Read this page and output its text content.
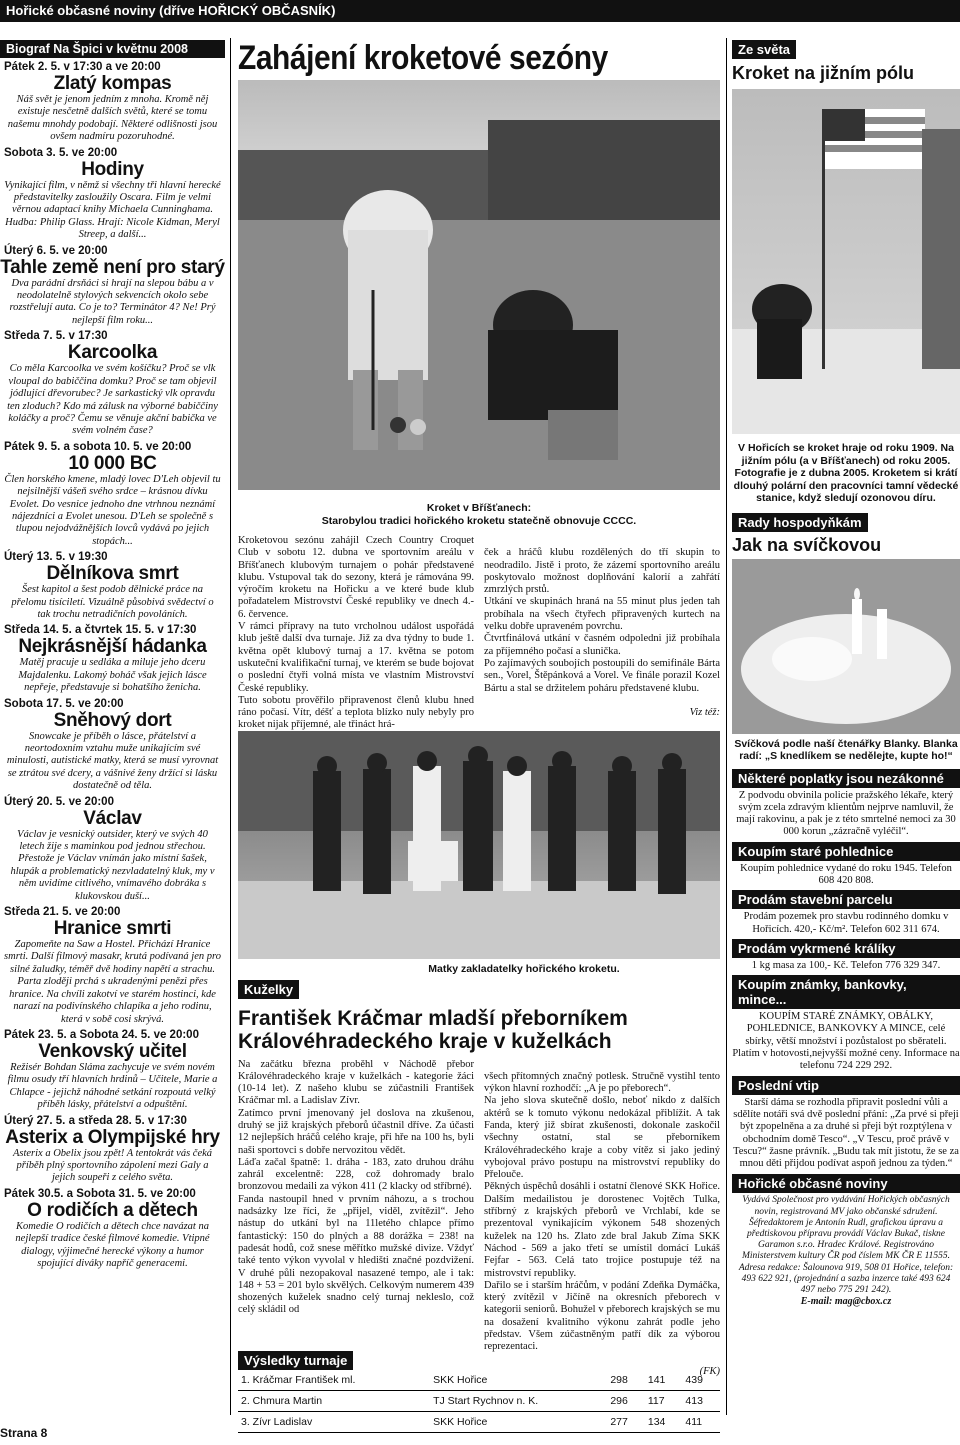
Hořické občasné noviny (dříve HOŘICKÝ OBČASNÍK)
Biograf Na Špici v květnu 2008
Pátek 2. 5. v 17:30 a ve 20:00
Zlatý kompas
Náš svět je jenom jedním z mnoha. Kromě něj existuje nesčetně dalších světů, které se tomu našemu mnohdy podobají. Některé odlišnosti jsou ovšem nadmíru pozoruhodné.
Sobota 3. 5. ve 20:00
Hodiny
Vynikající film, v němž si všechny tři hlavní herecké představitelky zasloužily Oscara. Film je velmi věrnou adaptací knihy Michaela Cunninghama. Hudba: Philip Glass. Hrají: Nicole Kidman, Meryl Streep, a další...
Úterý 6. 5. ve 20:00
Tahle země není pro starý
Dva parádní drsňáci si hrají na slepou bábu a v neodolatelně stylových sekvencích okolo sebe rozstřelují auta. Co je to? Terminátor 4? Ne! Prý nejlepší film roku...
Středa 7. 5. v 17:30
Karcoolka
Co měla Karcoolka ve svém košíčku? Proč se vlk vloupal do babiččina domku? Proč se tam objevil jódlující dřevorubec? Je sarkastický vlk opravdu ten zloduch? Kdo má zálusk na výborné babiččiny koláčky a proč? Čemu se věnuje akční babička ve svém volném čase?
Pátek 9. 5. a sobota 10. 5. ve 20:00
10 000 BC
Člen horského kmene, mladý lovec D'Leh objevil tu nejsilnější vášeň svého srdce – krásnou dívku Evolet. Do vesnice jednoho dne vtrhnou neznámí nájezdníci a Evolet unesou. D'Leh se společně s tlupou nejodvážnějších lovců vydává po jejich stopách...
Úterý 13. 5. v 19:30
Dělníkova smrt
Šest kapitol a šest podob dělnické práce na přelomu tisíciletí. Vizuálně působivá svědectví o tak trochu netradičních povoláních.
Středa 14. 5. a čtvrtek 15. 5. v 17:30
Nejkrásnější hádanka
Matěj pracuje u sedláka a miluje jeho dceru Majdalenku. Lakomý boháč však jejich lásce nepřeje, představuje si bohatšího ženicha.
Sobota 17. 5. ve 20:00
Sněhový dort
Snowcake je příběh o lásce, přátelství a neortodoxním vztahu muže unikajícím své minulosti, autistické matky, která se musí vyrovnat se ztrátou své dcery, a vášnivé ženy držící si lásku dostatečně od těla.
Úterý 20. 5. ve 20:00
Václav
Václav je vesnický outsider, který ve svých 40 letech žije s maminkou pod jednou střechou. Přestože je Václav vnímán jako místní šašek, hlupák a problematický nezvladatelný kluk, my v něm uvidíme citlivého, vnímavého dobráka s klukovskou duší...
Středa 21. 5. ve 20:00
Hranice smrti
Zapomeňte na Saw a Hostel. Přichází Hranice smrti. Další filmový masakr, krutá podívaná jen pro silné žaludky, téměř dvě hodiny napětí a strachu. Parta zloději prchá s ukradenými penězi přes hranice. Na chvíli zakotví ve starém hostinci, kde narazí na podivínského chlapíka a jeho rodinu, která v sobě cosi skrývá.
Pátek 23. 5. a Sobota 24. 5. ve 20:00
Venkovský učitel
Režisér Bohdan Sláma zachycuje ve svém novém filmu osudy tří hlavních hrdinů – Učitele, Marie a Chlapce - jejichž náhodné setkání rozpoutá velký příběh lásky, přátelství a odpuštění.
Úterý 27. 5. a středa 28. 5. v 17:30
Asterix a Olympijské hry
Asterix a Obelix jsou zpět! A tentokrát vás čeká příběh plný sportovního zápolení mezi Galy a jejich soupeři z celého světa.
Pátek 30.5. a Sobota 31. 5. ve 20:00
O rodičích a dětech
Komedie O rodičích a dětech chce navázat na nejlepší tradice české filmové komedie. Vtipné dialogy, výjimečné herecké výkony a humor spojující diváky napříč generacemi.
Zahájení kroketové sezóny
Kroket v Bříšťanech:
Starobylou tradici hořického kroketu statečně obnovuje CCCC.
Kroketovou sezónu zahájil Czech Country Croquet Club v sobotu 12. dubna ve sportovním areálu v Bříšťanech klubovým turnajem o pohár představené klubu. Vstupoval tak do sezony, která je rámována 99. výročím kroketu na Hořicku a ve které bude klub pořadatelem Mistrovství České republiky ve dnech 4.- 6. července.
V rámci přípravy na tuto vrcholnou událost uspořádá klub ještě další dva turnaje. Již za dva týdny to bude 1. května opět klubový turnaj a 17. května se potom uskuteční kvalifikační turnaj, ve kterém se bude bojovat o poslední čtyři volná místa ve vlastním Mistrovství České republiky.
Tuto sobotu prověřilo připravenost členů klubu hned ráno počasí. Vítr, déšť a teplota blízko nuly nebyly pro kroket nijak příjemné, ale třináct hrá-

ček a hráčů klubu rozdělených do tří skupin to neodradilo. Jistě i proto, že zázemí sportovního areálu poskytovalo možnost doplňování kalorií a zahřátí zmrzlých prstů.
Utkání ve skupinách hraná na 55 minut plus jeden tah probíhala na všech čtyřech připravených kurtech na velku dobře upraveném povrchu.
Čtvrtfinálová utkání v časném odpoledni již probíhala za příjemného počasí a slunička.
Po zajímavých soubojích postoupili do semifinále Bárta sen., Vorel, Štěpánková a Vorel. Ve finále porazil Kozel Bártu a stal se držitelem poháru představené klubu.

Viz též:

Matky zakladatelky hořického kroketu.
Kuželky
František Kráčmar mladší přeborníkem Královéhradeckého kraje v kuželkách
Na začátku března proběhl v Náchodě přebor Královéhradeckého kraje v kuželkách - kategorie žáci (10-14 let). Z našeho klubu se zúčastnili František Kráčmar ml. a Ladislav Zívr.
Zatímco první jmenovaný jel doslova na zkušenou, druhý se již krajských přeborů účastnil dříve. Za účasti 12 nejlepších hráčů celého kraje, při hře na 100 hs, byli naši sportovci s dobře nervozitou vědět.
Láďa začal špatně: 1. dráha - 183, zato druhou dráhu zahrál excelentně: 228, což dohromady bralo bronzovou medaili za výkon 411 (2 klacky od stříbrné).
Fanda nastoupil hned v prvním náhozu, a s trochou nadsázky lze říci, že „přijel, viděl, zvítězil“. Jeho nástup do utkání byl na 11letého chlapce přímo fantastický: 150 do plných a 88 dorážka = 238! na padesát hodů, což snese měřítko mužské divize. Vždyť také tento výkon vyvolal v hledišti značné pozdvižení. V druhé půli nezopakoval nasazené tempo, ale i tak: 148 + 53 = 201 bylo skvělých. Celkovým numerem 439 shozených kuželek snadno celý turnaj nekleslo, což celý skládil od

všech přítomných značný potlesk. Stručně vystihl tento výkon hlavní rozhodčí: „A je po přeborech“.
Na jeho slova skutečně došlo, neboť nikdo z dalších aktérů se k tomuto výkonu nedokázal přiblížit. A tak Fanda, který již sbírat zkušenosti, dokonale zaskočil všechny ostatní, stal se přeborníkem Královéhradeckého kraje a coby vítěz si jako jediný vybojoval právo postupu na mistrovství republiky do Přelouče.
Pěkných úspěchů dosáhli i ostatní členové SKK Hořice. Dalším medailistou je dorostenec Vojtěch Tulka, stříbrný z krajských přeborů ve Vrchlabí, kde se prezentoval vynikajícím výkonem 548 shozených kuželek na 120 hs. Zlato zde bral Jakub Zíma SKK Náchod - 569 a jako třetí se umístil domácí Lukáš Fejfar - 563. Celá tato trojice postupuje též na mistrovství republiky.
Dařilo se i starším hráčům, v podání Zdeňka Dymáčka, který zvítězil v Jičíně na okresních přeborech v kategorii seniorů. Bohužel v přeborech krajských se mu na dosažení kvalitního výkonu zahrát podle jeho představ. Všem zúčastněným patří dík za výborou reprezentaci.

(FK)

Výsledky turnaje
1. Kráčmar František ml.	SKK Hořice	298	141	439
2. Chmura Martin	TJ Start Rychnov n. K.	296	117	413
3. Zívr Ladislav	SKK Hořice	277	134	411
Ze světa
Kroket na jižním pólu
V Hořicích se kroket hraje od roku 1909. Na jižním pólu (a v Bříšťanech) od roku 2005. Fotografie je z dubna 2005. Kroketem si krátí dlouhý polární den pracovníci tamní vědecké stanice, když sledují ozonovou díru.
Rady hospodyňkám
Jak na svíčkovou
Svíčková podle naší čtenářky Blanky. Blanka radí: „S knedlíkem se nedělejte, kupte ho!“
Některé poplatky jsou nezákonné
Z podvodu obvinila policie pražského lékaře, který svým zcela zdravým klientům nejprve namluvil, že mají rakovinu, a pak je z této smrtelné nemoci za 30 000 korun „zázračně vyléčil“.
Koupím staré pohlednice
Koupím pohlednice vydané do roku 1945. Telefon 608 420 808.
Prodám stavební parcelu
Prodám pozemek pro stavbu rodinného domku v Hořicích. 420,- Kč/m². Telefon 602 311 674.
Prodám vykrmené králíky
1 kg masa za 100,- Kč. Telefon 776 329 347.
Koupím známky, bankovky, mince...
KOUPÍM STARÉ ZNÁMKY, OBÁLKY, POHLEDNICE, BANKOVKY A MINCE, celé sbírky, větší množství i pozůstalost po sběrateli. Platím v hotovosti,nejvyšší možné ceny. Informace na telefonu 724 229 292.
Poslední vtip
Starší dáma se rozhodla připravit poslední vůli a sdělíte notáři svá dvě poslední přání: „Za prvé si přeji být zpopelněna a za druhé si přeji být rozptýlena v obchodním domě Tesco“. „V Tescu, proč právě v Tescu?“ žasne právník. „Budu tak mít jistotu, že se za mnou děti přijdou podívat aspoň jednou za týden.“
Hořické občasné noviny
Vydává Společnost pro vydávání Hořických občasných novin, registrovaná MV jako občanské sdružení. Šéfredaktorem je Antonín Rudl, grafickou úpravu a předtiskovou přípravu provádí Václav Bukač, tiskne Garamon s.r.o. Hradec Králové. Registrováno Ministerstvem kultury ČR pod číslem MK ČR E 11555. Adresa redakce: Šalounova 919, 508 01 Hořice, telefon: 493 622 921, (projednání a sazba inzerce také 493 624 497 nebo 775 291 242).
E-mail: mag@cbox.cz
Strana 8
